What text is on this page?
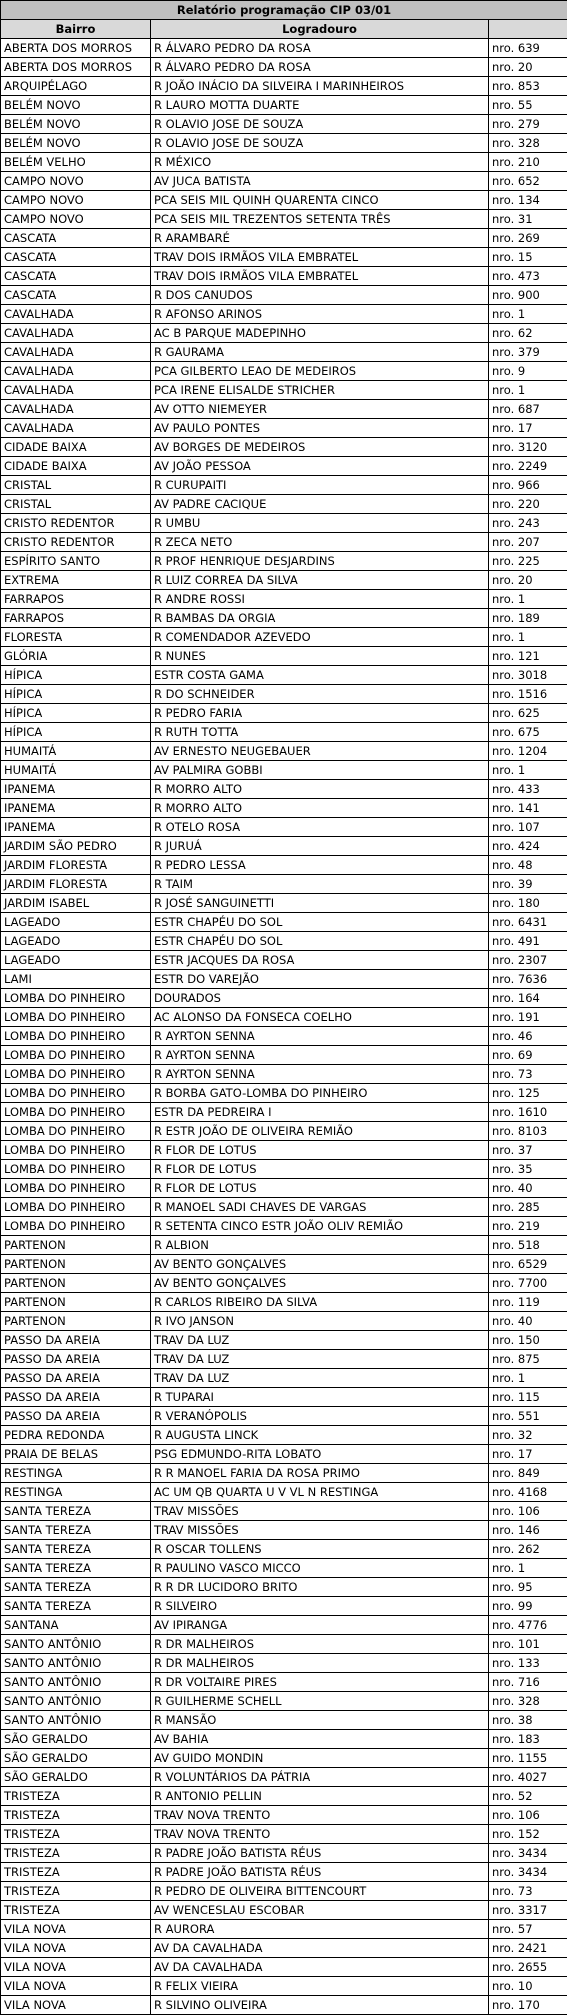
Relatório programação CIP 03/01		
Bairro	Logradouro	
ABERTA DOS MORROS	R ÁLVARO PEDRO DA ROSA	nro. 639
ABERTA DOS MORROS	R ÁLVARO PEDRO DA ROSA	nro. 20
ARQUIPÉLAGO	R JOÃO INÁCIO DA SILVEIRA I MARINHEIROS	nro. 853
BELÉM NOVO	R LAURO MOTTA DUARTE	nro. 55
BELÉM NOVO	R OLAVIO JOSE DE SOUZA	nro. 279
BELÉM NOVO	R OLAVIO JOSE DE SOUZA	nro. 328
BELÉM VELHO	R MÉXICO	nro. 210
CAMPO NOVO	AV JUCA BATISTA	nro. 652
CAMPO NOVO	PCA SEIS MIL QUINH QUARENTA CINCO	nro. 134
CAMPO NOVO	PCA SEIS MIL TREZENTOS SETENTA TRÊS	nro. 31
CASCATA	R ARAMBARÉ	nro. 269
CASCATA	TRAV DOIS IRMÃOS VILA EMBRATEL	nro. 15
CASCATA	TRAV DOIS IRMÃOS VILA EMBRATEL	nro. 473
CASCATA	R DOS CANUDOS	nro. 900
CAVALHADA	R AFONSO ARINOS	nro. 1
CAVALHADA	AC B PARQUE MADEPINHO	nro. 62
CAVALHADA	R GAURAMA	nro. 379
CAVALHADA	PCA GILBERTO LEAO DE MEDEIROS	nro. 9
CAVALHADA	PCA IRENE ELISALDE STRICHER	nro. 1
CAVALHADA	AV OTTO NIEMEYER	nro. 687
CAVALHADA	AV PAULO PONTES	nro. 17
CIDADE BAIXA	AV BORGES DE MEDEIROS	nro. 3120
CIDADE BAIXA	AV JOÃO PESSOA	nro. 2249
CRISTAL	R CURUPAITI	nro. 966
CRISTAL	AV PADRE CACIQUE	nro. 220
CRISTO REDENTOR	R UMBU	nro. 243
CRISTO REDENTOR	R ZECA NETO	nro. 207
ESPÍRITO SANTO	R PROF HENRIQUE DESJARDINS	nro. 225
EXTREMA	R LUIZ CORREA DA SILVA	nro. 20
FARRAPOS	R ANDRE ROSSI	nro. 1
FARRAPOS	R BAMBAS DA ORGIA	nro. 189
FLORESTA	R COMENDADOR AZEVEDO	nro. 1
GLÓRIA	R NUNES	nro. 121
HÍPICA	ESTR COSTA GAMA	nro. 3018
HÍPICA	R DO SCHNEIDER	nro. 1516
HÍPICA	R PEDRO FARIA	nro. 625
HÍPICA	R RUTH TOTTA	nro. 675
HUMAITÁ	AV ERNESTO NEUGEBAUER	nro. 1204
HUMAITÁ	AV PALMIRA GOBBI	nro. 1
IPANEMA	R MORRO ALTO	nro. 433
IPANEMA	R MORRO ALTO	nro. 141
IPANEMA	R OTELO ROSA	nro. 107
JARDIM SÃO PEDRO	R JURUÁ	nro. 424
JARDIM FLORESTA	R PEDRO LESSA	nro. 48
JARDIM FLORESTA	R TAIM	nro. 39
JARDIM ISABEL	R JOSÉ SANGUINETTI	nro. 180
LAGEADO	ESTR CHAPÉU DO SOL	nro. 6431
LAGEADO	ESTR CHAPÉU DO SOL	nro. 491
LAGEADO	ESTR JACQUES DA ROSA	nro. 2307
LAMI	ESTR DO VAREJÃO	nro. 7636
LOMBA DO PINHEIRO	DOURADOS	nro. 164
LOMBA DO PINHEIRO	AC ALONSO DA FONSECA COELHO	nro. 191
LOMBA DO PINHEIRO	R AYRTON SENNA	nro. 46
LOMBA DO PINHEIRO	R AYRTON SENNA	nro. 69
LOMBA DO PINHEIRO	R AYRTON SENNA	nro. 73
LOMBA DO PINHEIRO	R BORBA GATO-LOMBA DO PINHEIRO	nro. 125
LOMBA DO PINHEIRO	ESTR DA PEDREIRA I	nro. 1610
LOMBA DO PINHEIRO	R ESTR JOÃO DE OLIVEIRA REMIÃO	nro. 8103
LOMBA DO PINHEIRO	R FLOR DE LOTUS	nro. 37
LOMBA DO PINHEIRO	R FLOR DE LOTUS	nro. 35
LOMBA DO PINHEIRO	R FLOR DE LOTUS	nro. 40
LOMBA DO PINHEIRO	R MANOEL SADI CHAVES DE VARGAS	nro. 285
LOMBA DO PINHEIRO	R SETENTA CINCO ESTR JOÃO OLIV REMIÃO	nro. 219
PARTENON	R ALBION	nro. 518
PARTENON	AV BENTO GONÇALVES	nro. 6529
PARTENON	AV BENTO GONÇALVES	nro. 7700
PARTENON	R CARLOS RIBEIRO DA SILVA	nro. 119
PARTENON	R IVO JANSON	nro. 40
PASSO DA AREIA	TRAV DA LUZ	nro. 150
PASSO DA AREIA	TRAV DA LUZ	nro. 875
PASSO DA AREIA	TRAV DA LUZ	nro. 1
PASSO DA AREIA	R TUPARAI	nro. 115
PASSO DA AREIA	R VERANÓPOLIS	nro. 551
PEDRA REDONDA	R AUGUSTA LINCK	nro. 32
PRAIA DE BELAS	PSG EDMUNDO-RITA LOBATO	nro. 17
RESTINGA	R R MANOEL FARIA DA ROSA PRIMO	nro. 849
RESTINGA	AC UM QB QUARTA U V VL N RESTINGA	nro. 4168
SANTA TEREZA	TRAV MISSÕES	nro. 106
SANTA TEREZA	TRAV MISSÕES	nro. 146
SANTA TEREZA	R OSCAR TOLLENS	nro. 262
SANTA TEREZA	R PAULINO VASCO MICCO	nro. 1
SANTA TEREZA	R R DR LUCIDORO BRITO	nro. 95
SANTA TEREZA	R SILVEIRO	nro. 99
SANTANA	AV IPIRANGA	nro. 4776
SANTO ANTÔNIO	R DR MALHEIROS	nro. 101
SANTO ANTÔNIO	R DR MALHEIROS	nro. 133
SANTO ANTÔNIO	R DR VOLTAIRE PIRES	nro. 716
SANTO ANTÔNIO	R GUILHERME SCHELL	nro. 328
SANTO ANTÔNIO	R MANSÃO	nro. 38
SÃO GERALDO	AV BAHIA	nro. 183
SÃO GERALDO	AV GUIDO MONDIN	nro. 1155
SÃO GERALDO	R VOLUNTÁRIOS DA PÁTRIA	nro. 4027
TRISTEZA	R ANTONIO PELLIN	nro. 52
TRISTEZA	TRAV NOVA TRENTO	nro. 106
TRISTEZA	TRAV NOVA TRENTO	nro. 152
TRISTEZA	R PADRE JOÃO BATISTA RÉUS	nro. 3434
TRISTEZA	R PADRE JOÃO BATISTA RÉUS	nro. 3434
TRISTEZA	R PEDRO DE OLIVEIRA BITTENCOURT	nro. 73
TRISTEZA	AV WENCESLAU ESCOBAR	nro. 3317
VILA NOVA	R AURORA	nro. 57
VILA NOVA	AV DA CAVALHADA	nro. 2421
VILA NOVA	AV DA CAVALHADA	nro. 2655
VILA NOVA	R FELIX VIEIRA	nro. 10
VILA NOVA	R SILVINO OLIVEIRA	nro. 170
